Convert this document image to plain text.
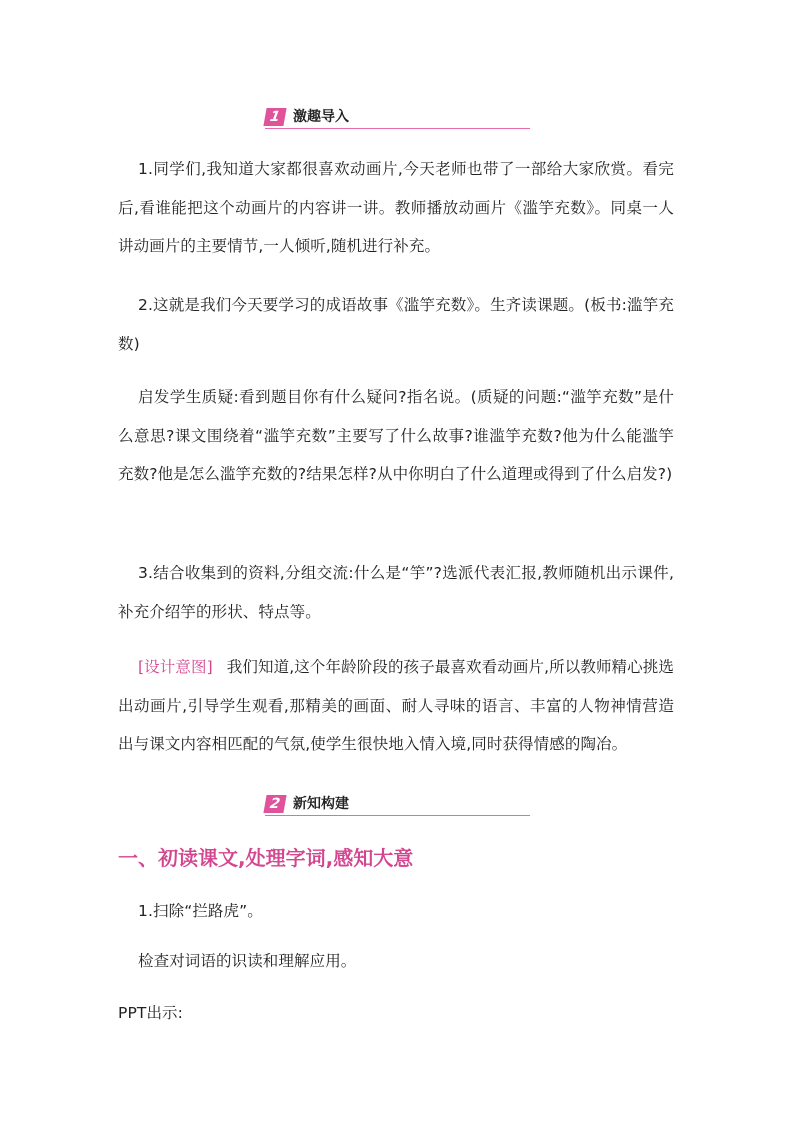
1 激趣导入

1.同学们,我知道大家都很喜欢动画片,今天老师也带了一部给大家欣赏。看完后,看谁能把这个动画片的内容讲一讲。教师播放动画片《滥竽充数》。同桌一人讲动画片的主要情节,一人倾听,随机进行补充。

2.这就是我们今天要学习的成语故事《滥竽充数》。生齐读课题。(板书:滥竽充数)

启发学生质疑:看到题目你有什么疑问?指名说。(质疑的问题:“滥竽充数”是什么意思?课文围绕着“滥竽充数”主要写了什么故事?谁滥竽充数?他为什么能滥竽充数?他是怎么滥竽充数的?结果怎样?从中你明白了什么道理或得到了什么启发?)

3.结合收集到的资料,分组交流:什么是“竽”?选派代表汇报,教师随机出示课件,补充介绍竽的形状、特点等。

[设计意图] 我们知道,这个年龄阶段的孩子最喜欢看动画片,所以教师精心挑选出动画片,引导学生观看,那精美的画面、耐人寻味的语言、丰富的人物神情营造出与课文内容相匹配的气氛,使学生很快地入情入境,同时获得情感的陶冶。

2 新知构建
一、初读课文,处理字词,感知大意

1.扫除“拦路虎”。

检查对词语的识读和理解应用。

PPT出示:
